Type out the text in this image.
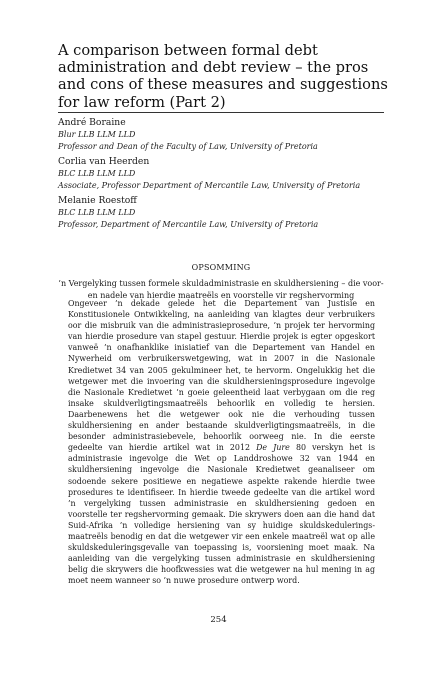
A comparison between formal debt administration and debt review – the pros and cons of these measures and suggestions for law reform (Part 2)
André Boraine
Blur LLB LLM LLD
Professor and Dean of the Faculty of Law, University of Pretoria
Corlia van Heerden
BLC LLB LLM LLD
Associate, Professor Department of Mercantile Law, University of Pretoria
Melanie Roestoff
BLC LLB LLM LLD
Professor, Department of Mercantile Law, University of Pretoria
OPSOMMING
’n Vergelyking tussen formele skuldadministrasie en skuldhersiening – die voor- en nadele van hierdie maatreëls en voorstelle vir regshervorming

Ongeveer ’n dekade gelede het die Departement van Justisie en Konstitusionele Ontwikkeling, na aanleiding van klagtes deur verbruikers oor die misbruik van die administrasieprosedure, ’n projek ter hervorming van hierdie prosedure van stapel gestuur. Hierdie projek is egter opgeskort vanweë ’n onafhanklike inisiatief van die Departement van Handel en Nywerheid om verbruikerswetgewing, wat in 2007 in die Nasionale Kredietwet 34 van 2005 gekulmineer het, te hervorm. Ongelukkig het die wetgewer met die invoering van die skuldhersieningsprosedure ingevolge die Nasionale Kredietwet ’n goeie geleentheid laat verbygaan om die reg insake skuldverligtingsmaatreëls behoorlik en volledig te hersien. Daarbenewens het die wetgewer ook nie die verhouding tussen skuldhersiening en ander bestaande skuldverligtingsmaatreëls, in die besonder administrasiebevele, behoorlik oorweeg nie. In die eerste gedeelte van hierdie artikel wat in 2012 De Jure 80 verskyn het is administrasie ingevolge die Wet op Landdroshowe 32 van 1944 en skuldhersiening ingevolge die Nasionale Kredietwet geanaliseer om sodoende sekere positiewe en negatiewe aspekte rakende hierdie twee prosedures te identifiseer. In hierdie tweede gedeelte van die artikel word ’n vergelyking tussen administrasie en skuldhersiening gedoen en voorstelle ter regshervorming gemaak. Die skrywers doen aan die hand dat Suid-Afrika ’n volledige hersiening van sy huidige skuldskeduleringsmaatreëls benodig en dat die wetgewer vir een enkele maatreël wat op alle skuldskeduleringsgevalle van toepassing is, voorsiening moet maak. Na aanleiding van die vergelyking tussen administrasie en skuldhersiening belig die skrywers die hoofkwessies wat die wetgewer na hul mening in ag moet neem wanneer so ’n nuwe prosedure ontwerp word.

254
